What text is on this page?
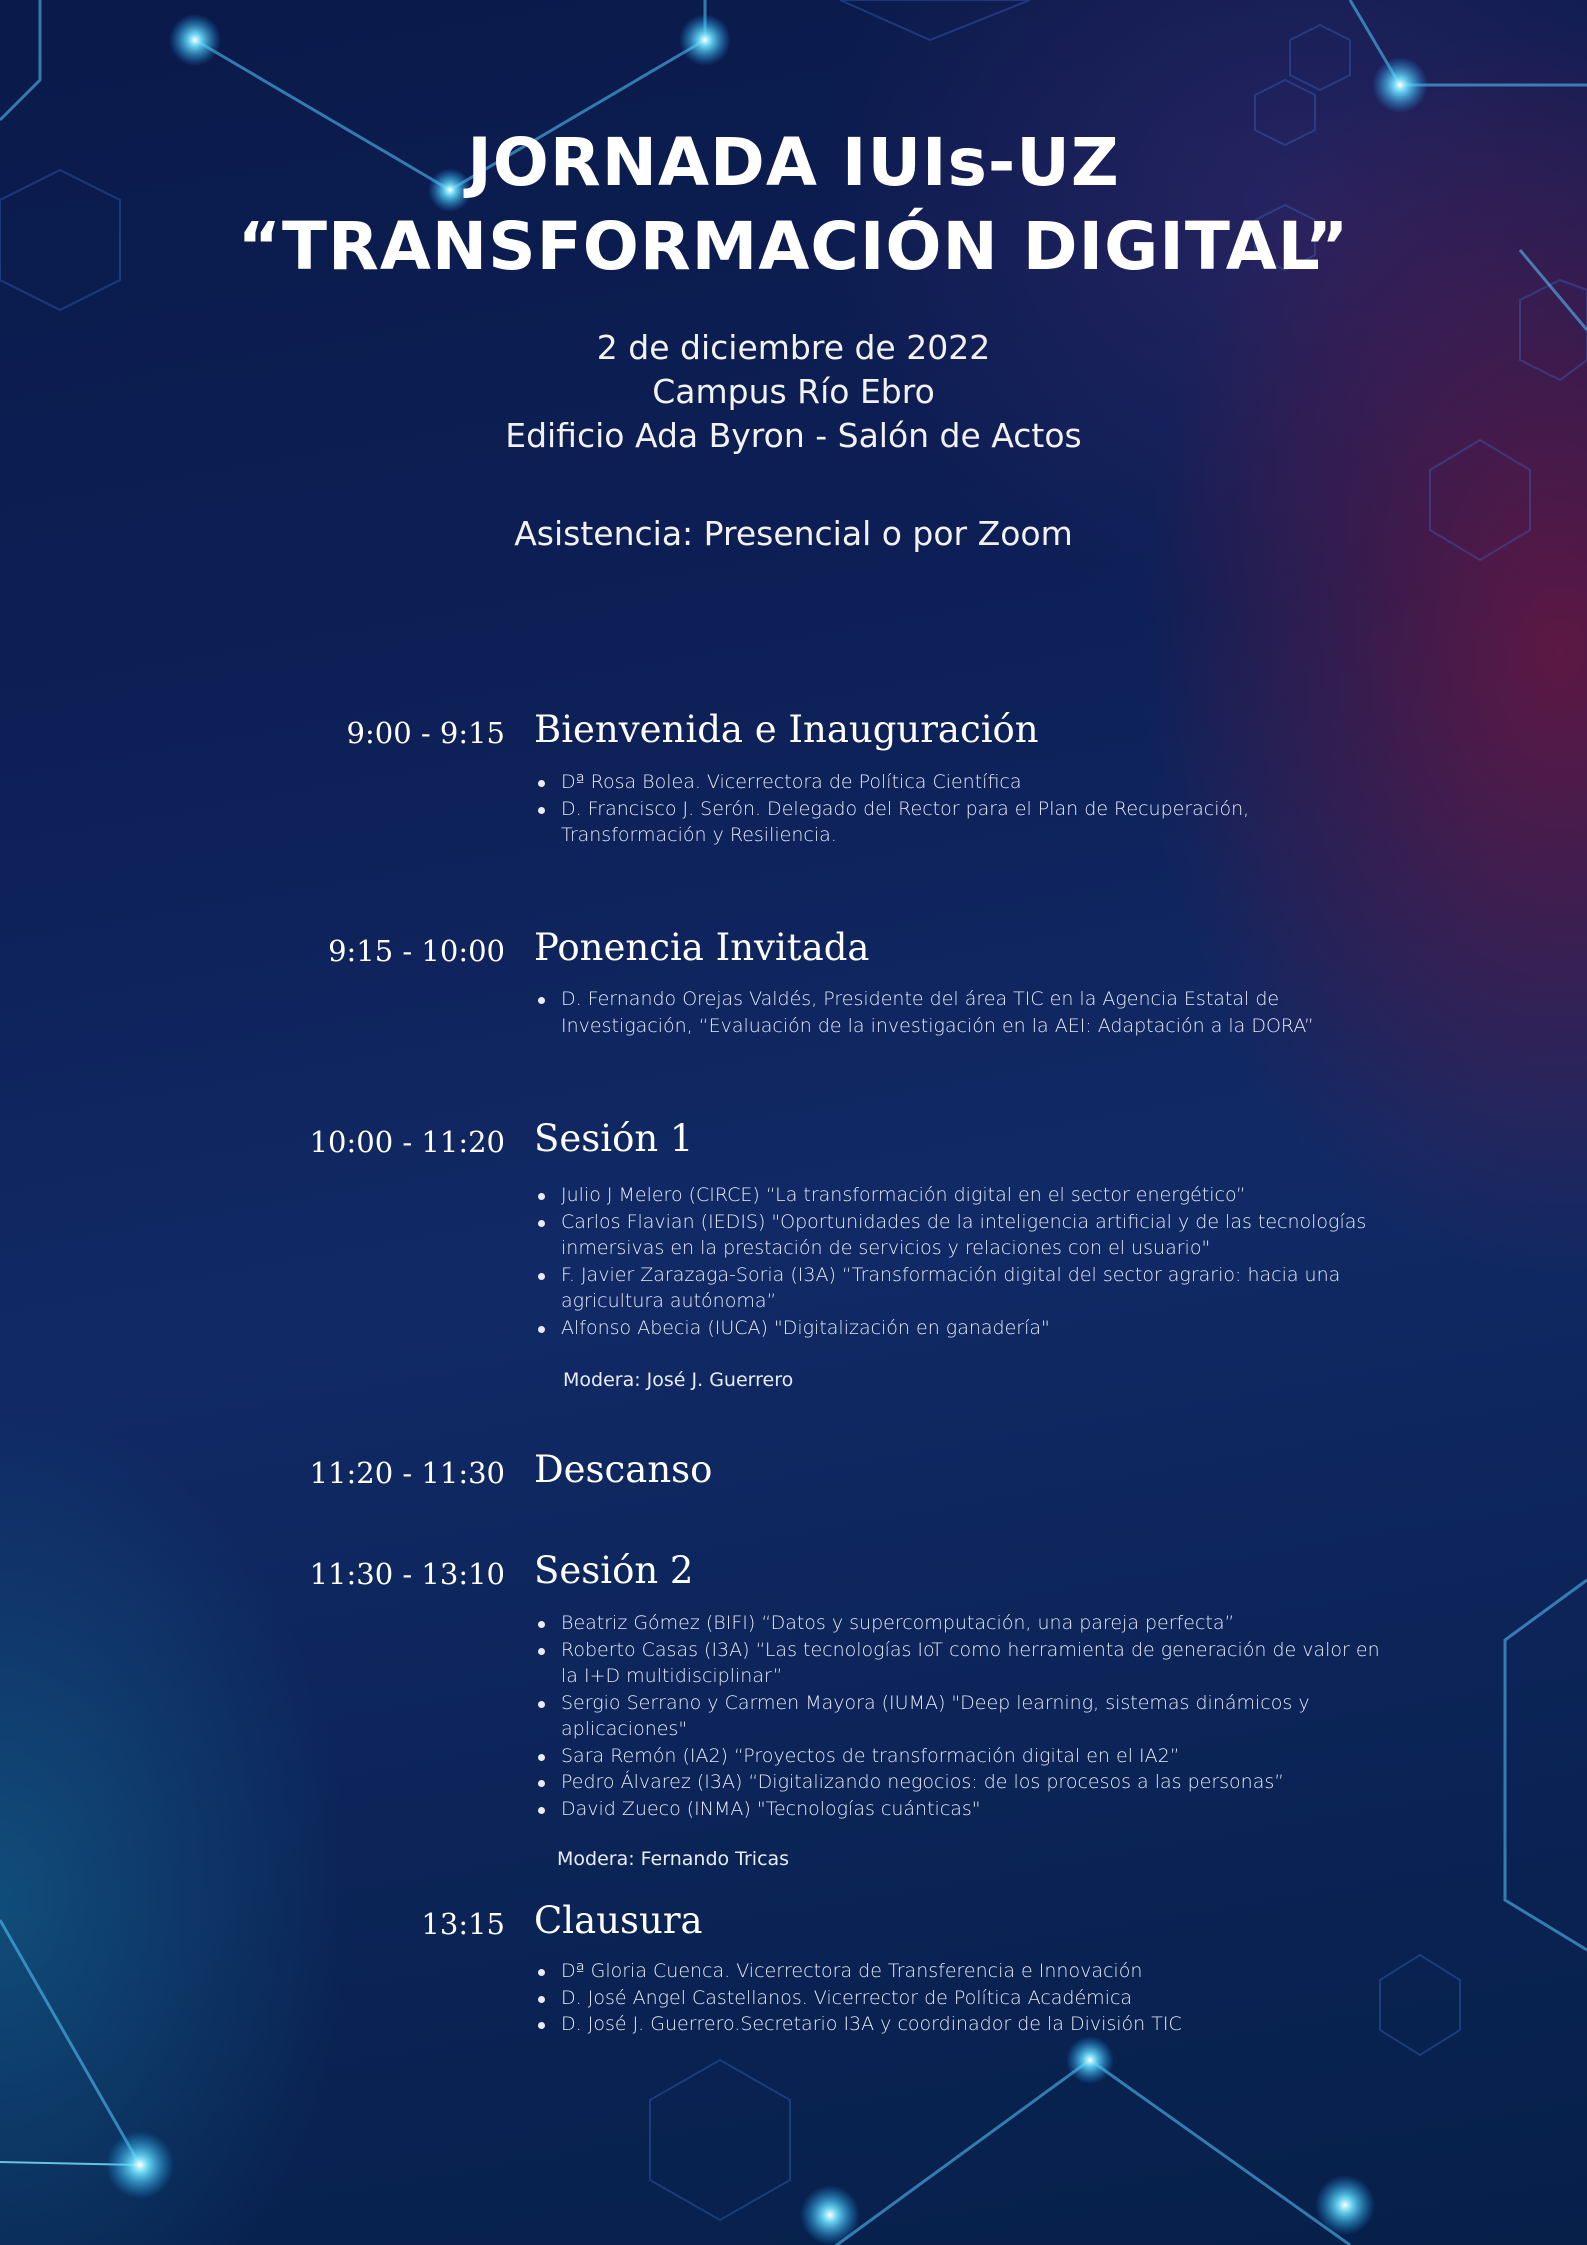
JORNADA IUIs-UZ
“TRANSFORMACIÓN DIGITAL”
2 de diciembre de 2022
Campus Río Ebro
Edificio Ada Byron - Salón de Actos
Asistencia: Presencial o por Zoom
9:00 - 9:15 Bienvenida e Inauguración
Dª Rosa Bolea. Vicerrectora de Política Científica
D. Francisco J. Serón. Delegado del Rector para el Plan de Recuperación, Transformación y Resiliencia.
9:15 - 10:00 Ponencia Invitada
D. Fernando Orejas Valdés, Presidente del área TIC en la Agencia Estatal de Investigación, “Evaluación de la investigación en la AEI: Adaptación a la DORA”
10:00 - 11:20 Sesión 1
Julio J Melero (CIRCE) “La transformación digital en el sector energético”
Carlos Flavian (IEDIS) "Oportunidades de la inteligencia artificial y de las tecnologías inmersivas en la prestación de servicios y relaciones con el usuario"
F. Javier Zarazaga-Soria (I3A) “Transformación digital del sector agrario: hacia una agricultura autónoma”
Alfonso Abecia (IUCA) "Digitalización en ganadería"
Modera: José J. Guerrero
11:20 - 11:30 Descanso
11:30 - 13:10 Sesión 2
Beatriz Gómez (BIFI) “Datos y supercomputación, una pareja perfecta”
Roberto Casas (I3A) “Las tecnologías IoT como herramienta de generación de valor en la I+D multidisciplinar”
Sergio Serrano y Carmen Mayora (IUMA) "Deep learning, sistemas dinámicos y aplicaciones"
Sara Remón (IA2) “Proyectos de transformación digital en el IA2”
Pedro Álvarez (I3A) “Digitalizando negocios: de los procesos a las personas”
David Zueco (INMA) "Tecnologías cuánticas"
Modera: Fernando Tricas
13:15 Clausura
Dª Gloria Cuenca. Vicerrectora de Transferencia e Innovación
D. José Angel Castellanos. Vicerrector de Política Académica
D. José J. Guerrero.Secretario I3A y coordinador de la División TIC
